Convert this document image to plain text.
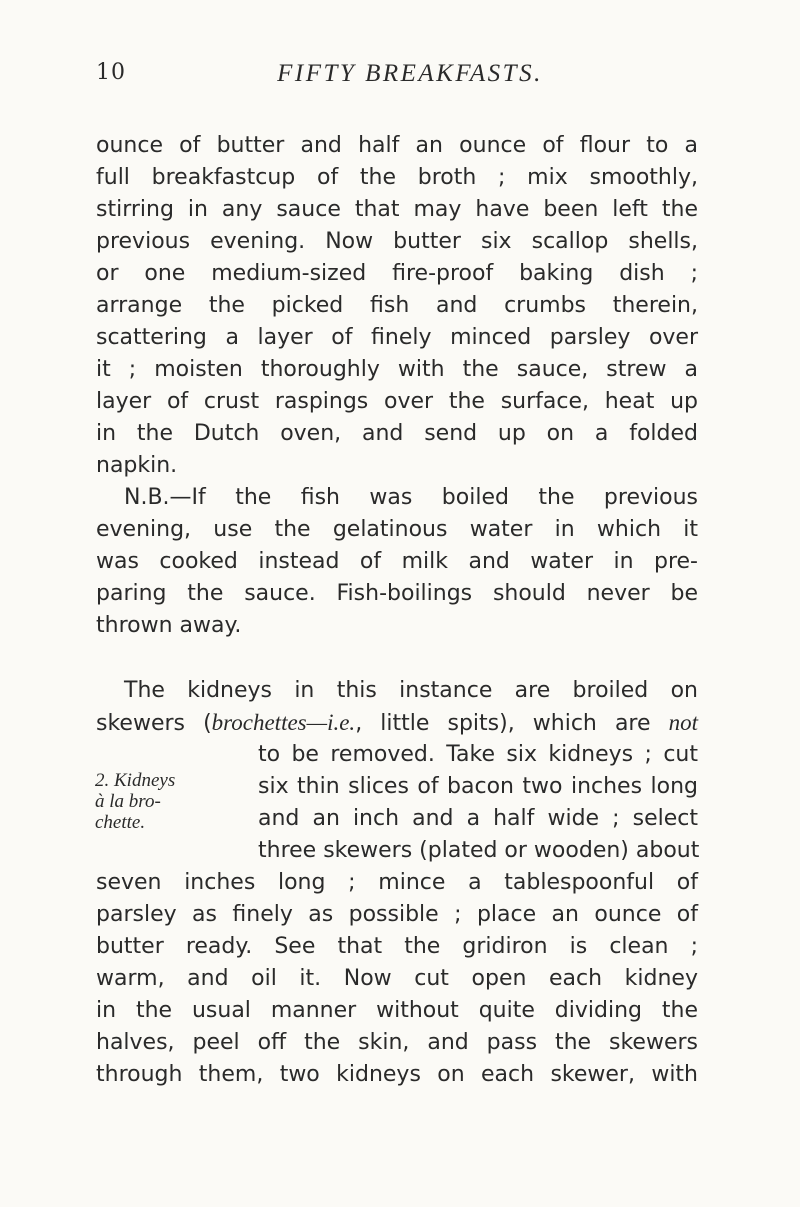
10	FIFTY BREAKFASTS.
ounce of butter and half an ounce of flour to a
full breakfastcup of the broth ; mix smoothly,
stirring in any sauce that may have been left the
previous evening. Now butter six scallop shells,
or one medium-sized fire-proof baking dish ;
arrange the picked fish and crumbs therein,
scattering a layer of finely minced parsley over
it ; moisten thoroughly with the sauce, strew a
layer of crust raspings over the surface, heat up
in the Dutch oven, and send up on a folded
napkin.
N.B.—If the fish was boiled the previous
evening, use the gelatinous water in which it
was cooked instead of milk and water in pre-
paring the sauce. Fish-boilings should never be
thrown away.
The kidneys in this instance are broiled on
skewers (brochettes—i.e., little spits), which are not
to be removed. Take six kidneys ; cut
six thin slices of bacon two inches long
and an inch and a half wide ; select
three skewers (plated or wooden) about
seven inches long ; mince a tablespoonful of
parsley as finely as possible ; place an ounce of
butter ready. See that the gridiron is clean ;
warm, and oil it. Now cut open each kidney
in the usual manner without quite dividing the
halves, peel off the skin, and pass the skewers
through them, two kidneys on each skewer, with
2. Kidneys
à la bro-
chette.
